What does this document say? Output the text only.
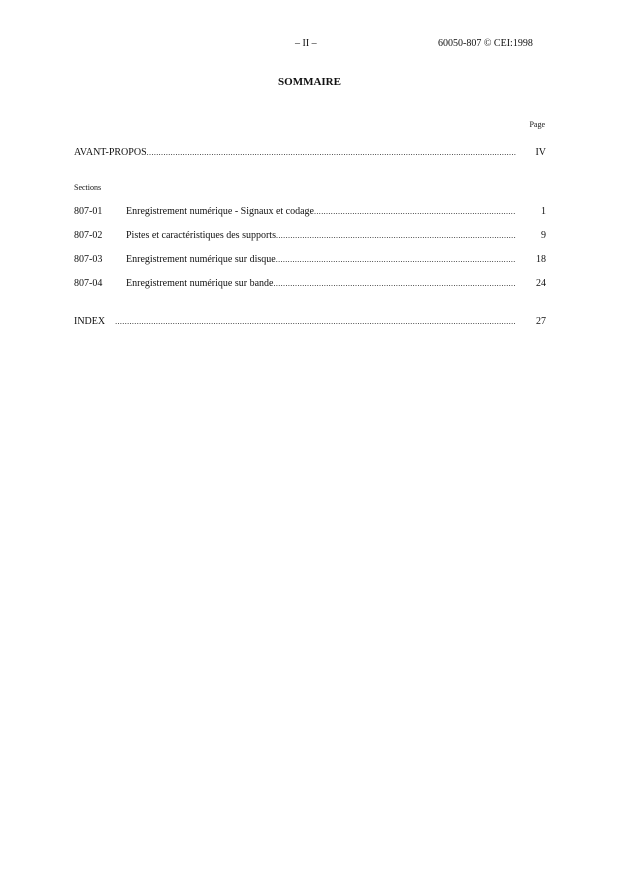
– II –	60050-807 © CEI:1998
SOMMAIRE
Page
AVANT-PROPOS .....	IV
Sections
807-01	Enregistrement numérique - Signaux et codage .....	1
807-02	Pistes et caractéristiques des supports .....	9
807-03	Enregistrement numérique sur disque .....	18
807-04	Enregistrement numérique sur bande .....	24
INDEX .....	27
